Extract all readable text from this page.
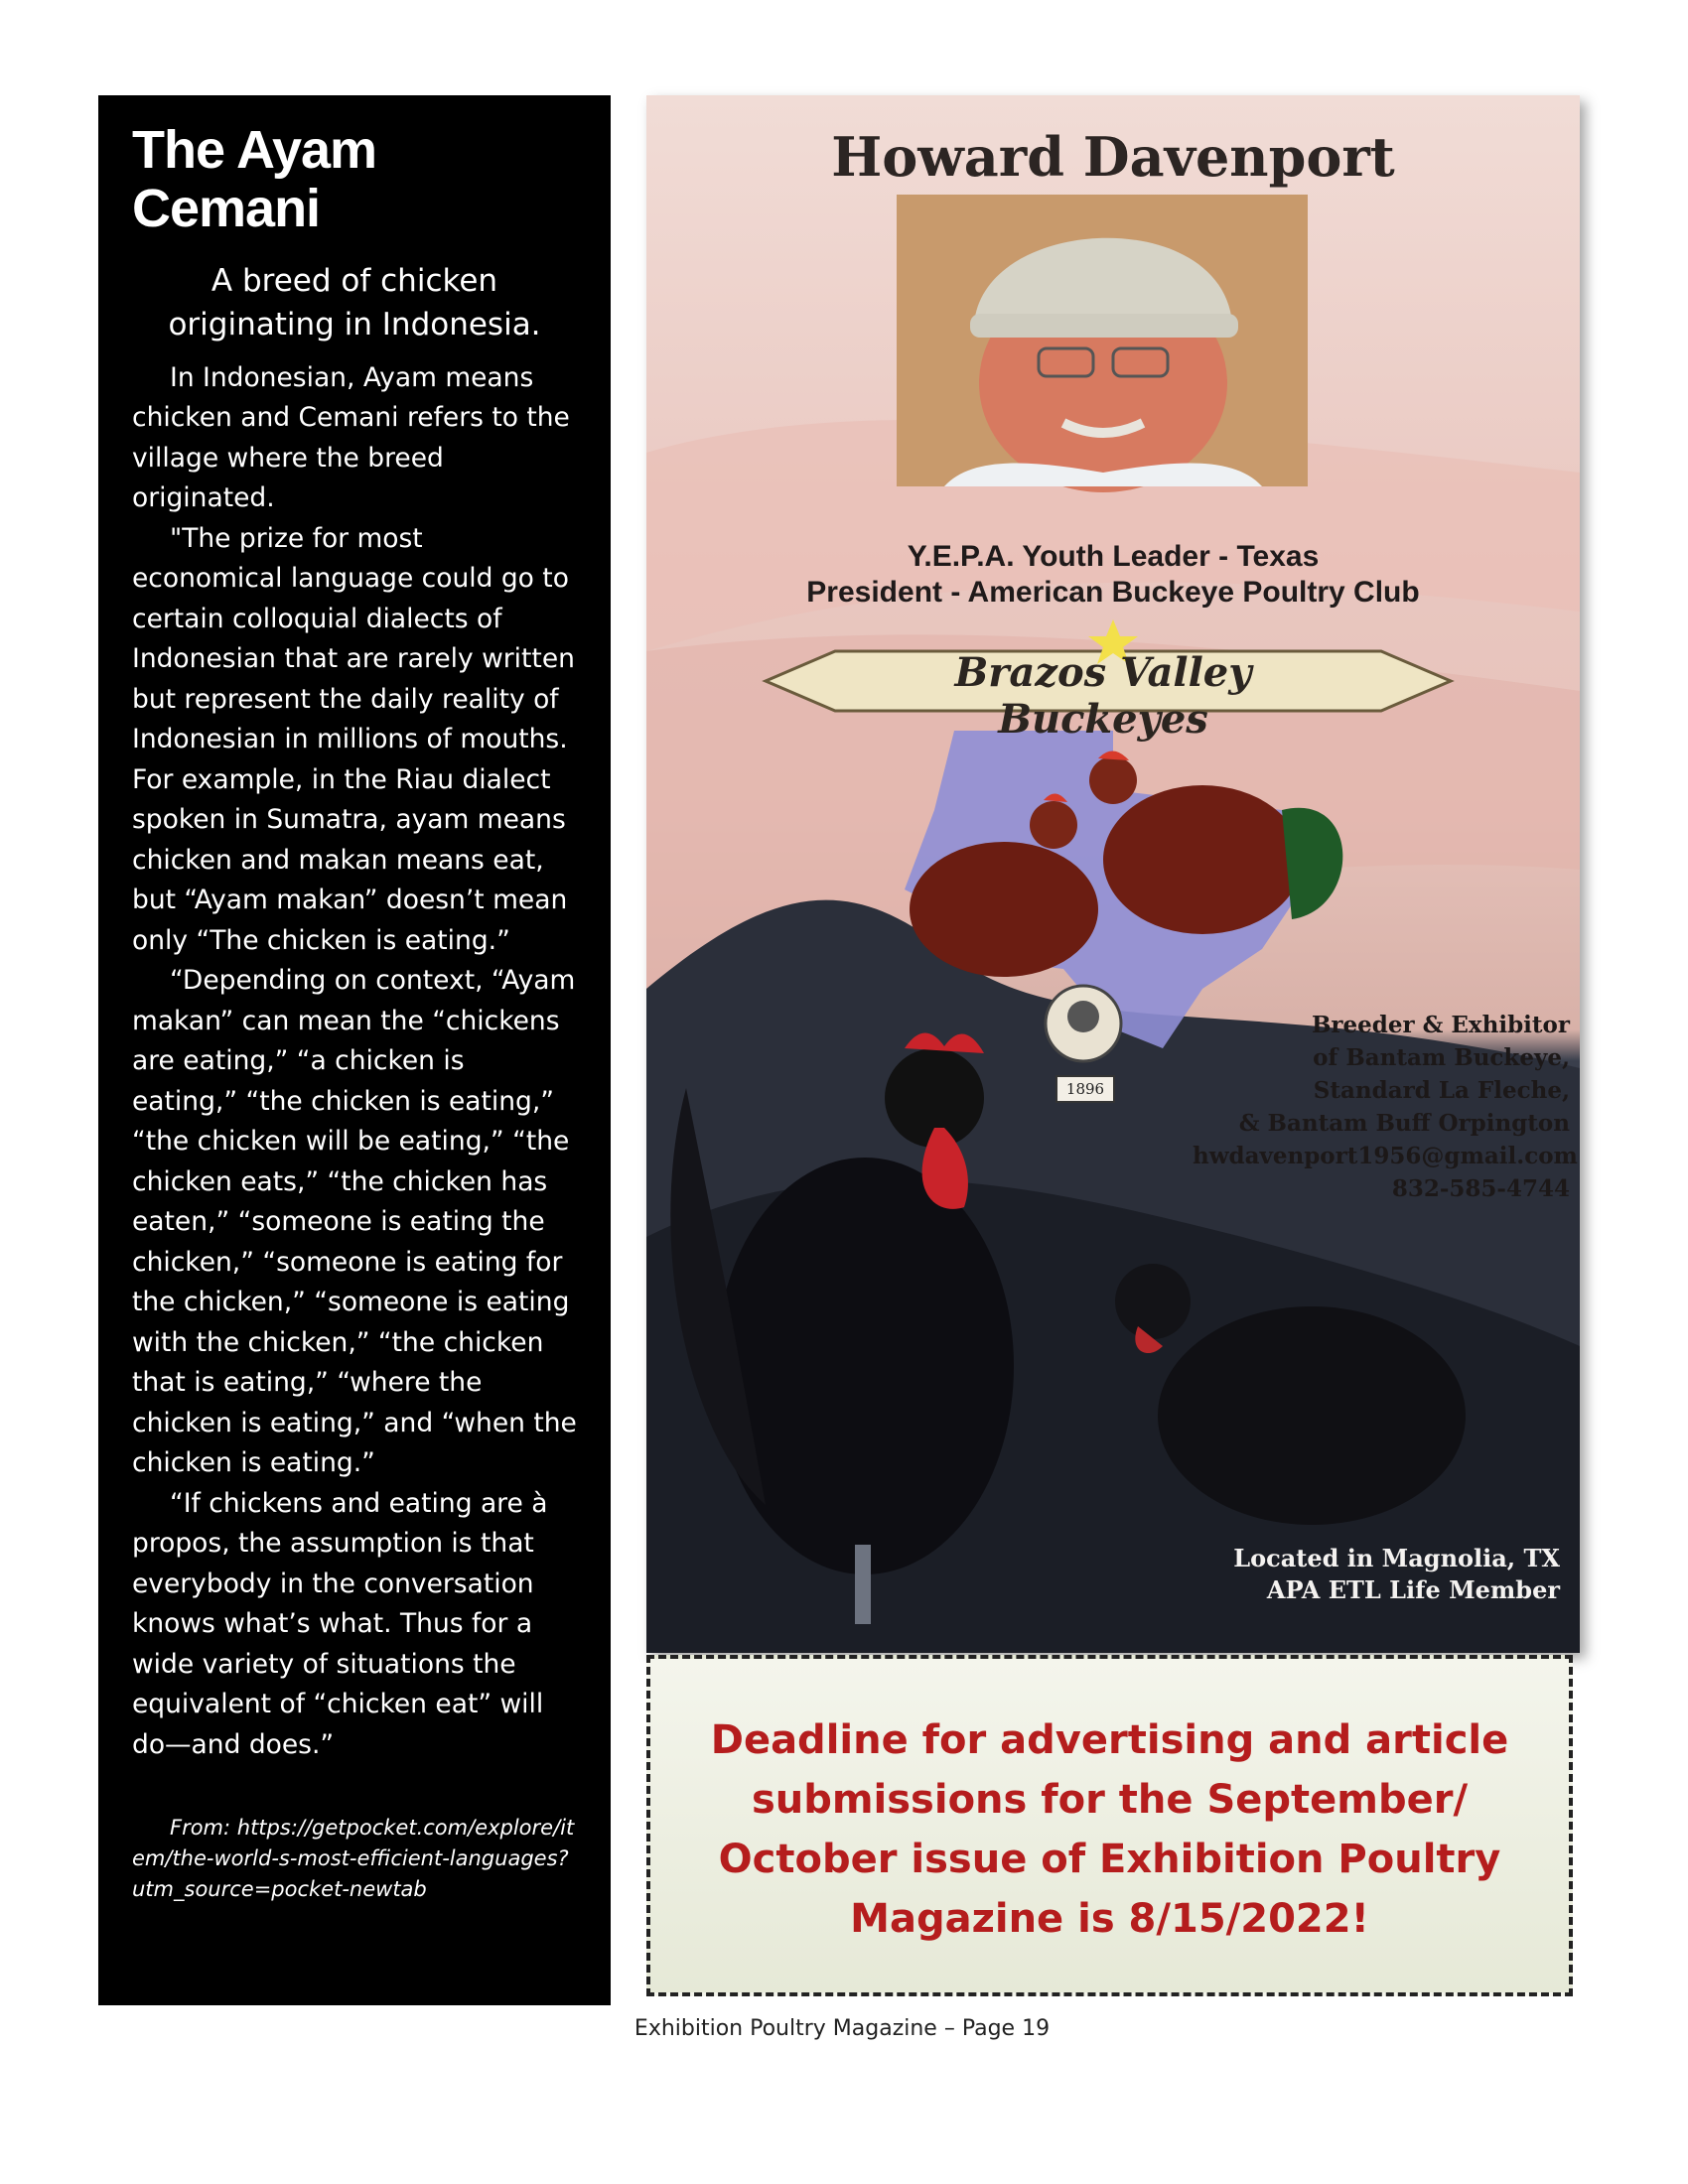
The Ayam Cemani
A breed of chicken originating in Indonesia.

In Indonesian, Ayam means chicken and Cemani refers to the village where the breed originated.

"The prize for most economical language could go to certain colloquial dialects of Indonesian that are rarely written but represent the daily reality of Indonesian in millions of mouths. For example, in the Riau dialect spoken in Sumatra, ayam means chicken and makan means eat, but “Ayam makan” doesn’t mean only “The chicken is eating.”

“Depending on context, “Ayam makan” can mean the “chickens are eating,” “a chicken is eating,” “the chicken is eating,” “the chicken will be eating,” “the chicken eats,” “the chicken has eaten,” “someone is eating the chicken,” “someone is eating for the chicken,” “someone is eating with the chicken,” “the chicken that is eating,” “where the chicken is eating,” and “when the chicken is eating.”

“If chickens and eating are à propos, the assumption is that everybody in the conversation knows what’s what. Thus for a wide variety of situations the equivalent of “chicken eat” will do—and does.”

From: https://getpocket.com/explore/item/the-world-s-most-efficient-languages?utm_source=pocket-newtab
Howard Davenport
Y.E.P.A. Youth Leader - Texas
President - American Buckeye Poultry Club
Brazos Valley Buckeyes
1896
Breeder & Exhibitor
of Bantam Buckeye,
Standard La Fleche,
& Bantam Buff Orpington
hwdavenport1956@gmail.com
832-585-4744
Located in Magnolia, TX
APA ETL Life Member
Deadline for advertising and article submissions for the September/ October issue of Exhibition Poultry Magazine is 8/15/2022!
Exhibition Poultry Magazine – Page 19
